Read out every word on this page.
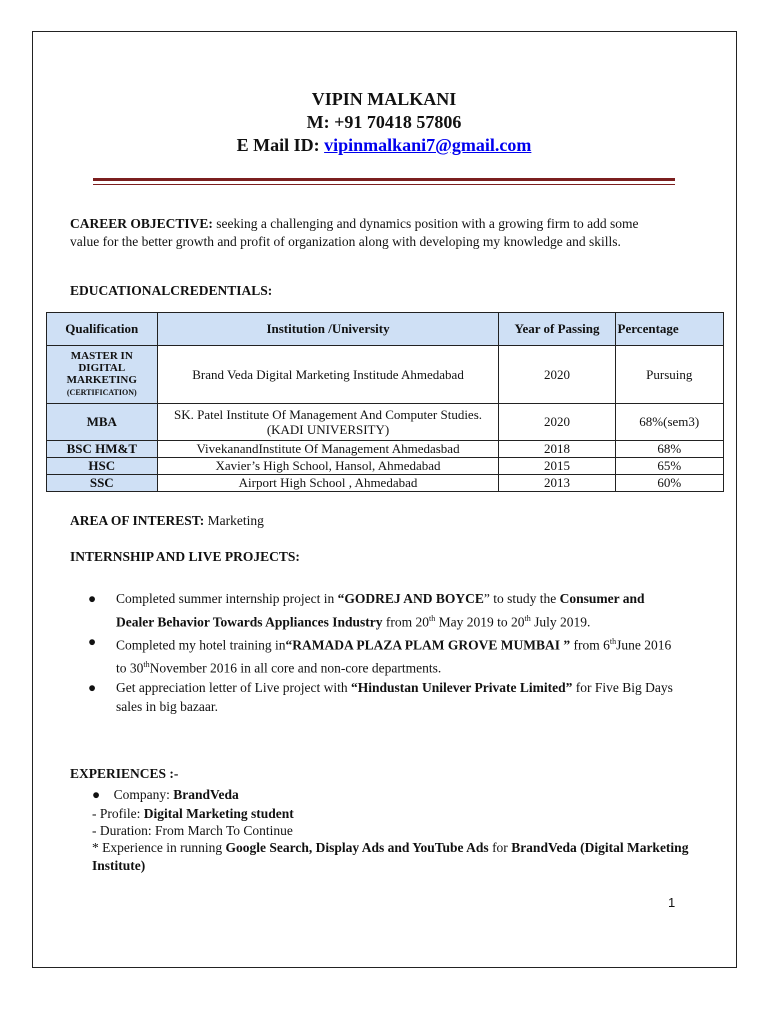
VIPIN MALKANI
M: +91 70418 57806
E Mail ID: vipinmalkani7@gmail.com
CAREER OBJECTIVE: seeking a challenging and dynamics position with a growing firm to add some value for the better growth and profit of organization along with developing my knowledge and skills.
EDUCATIONALCREDENTIALS:
Qualification	Institution /University	Year of Passing	Percentage
MASTER IN DIGITAL MARKETING
(CERTIFICATION)	Brand Veda Digital Marketing Institude Ahmedabad	2020	Pursuing
MBA	SK. Patel Institute Of Management And Computer Studies. (KADI UNIVERSITY)	2020	68%(sem3)
BSC HM&T	VivekanandInstitute Of Management Ahmedasbad	2018	68%
HSC	Xavier’s High School, Hansol, Ahmedabad	2015	65%
SSC	Airport High School , Ahmedabad	2013	60%
AREA OF INTEREST: Marketing
INTERNSHIP AND LIVE PROJECTS:
● Completed summer internship project in “GODREJ AND BOYCE” to study the Consumer and Dealer Behavior Towards Appliances Industry from 20th May 2019 to 20th July 2019.
● Completed my hotel training in“RAMADA PLAZA PLAM GROVE MUMBAI ” from 6thJune 2016 to 30thNovember 2016 in all core and non-core departments.
● Get appreciation letter of Live project with “Hindustan Unilever Private Limited” for Five Big Days sales in big bazaar.
EXPERIENCES :-
● Company: BrandVeda
- Profile: Digital Marketing student
- Duration: From March To Continue
* Experience in running Google Search, Display Ads and YouTube Ads for BrandVeda (Digital Marketing Institute)
1
